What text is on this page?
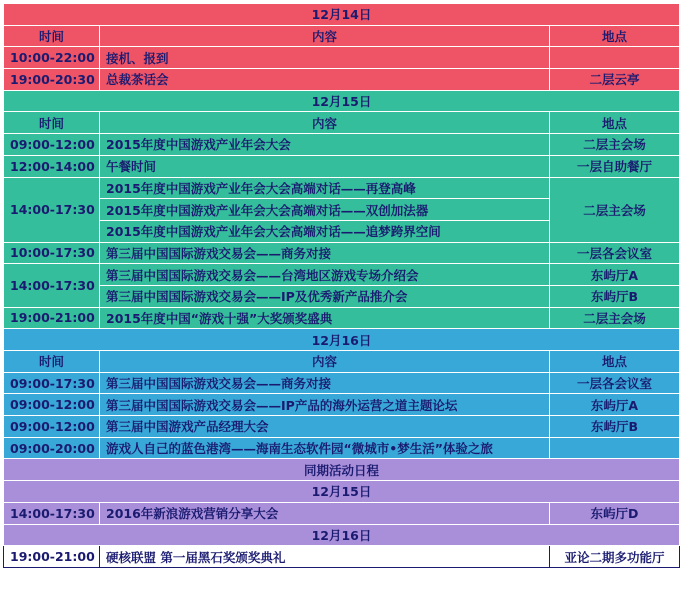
12月14日		
时间	内容	地点
10:00-22:00	接机、报到	
19:00-20:30	总裁茶话会	二层云亭
12月15日		
时间	内容	地点
09:00-12:00	2015年度中国游戏产业年会大会	二层主会场
12:00-14:00	午餐时间	一层自助餐厅
14:00-17:30	2015年度中国游戏产业年会大会高端对话——再登高峰	二层主会场
	2015年度中国游戏产业年会大会高端对话——双创加法器	
	2015年度中国游戏产业年会大会高端对话——追梦跨界空间	
10:00-17:30	第三届中国国际游戏交易会——商务对接	一层各会议室
14:00-17:30	第三届中国国际游戏交易会——台湾地区游戏专场介绍会	东屿厅A
	第三届中国国际游戏交易会——IP及优秀新产品推介会	东屿厅B
19:00-21:00	2015年度中国“游戏十强”大奖颁奖盛典	二层主会场
12月16日		
时间	内容	地点
09:00-17:30	第三届中国国际游戏交易会——商务对接	一层各会议室
09:00-12:00	第三届中国国际游戏交易会——IP产品的海外运营之道主题论坛	东屿厅A
09:00-12:00	第三届中国游戏产品经理大会	东屿厅B
09:00-20:00	游戏人自己的蓝色港湾——海南生态软件园“微城市•梦生活”体验之旅	
同期活动日程		
12月15日		
14:00-17:30	2016年新浪游戏营销分享大会	东屿厅D
12月16日		
19:00-21:00	硬核联盟 第一届黑石奖颁奖典礼	亚论二期多功能厅
